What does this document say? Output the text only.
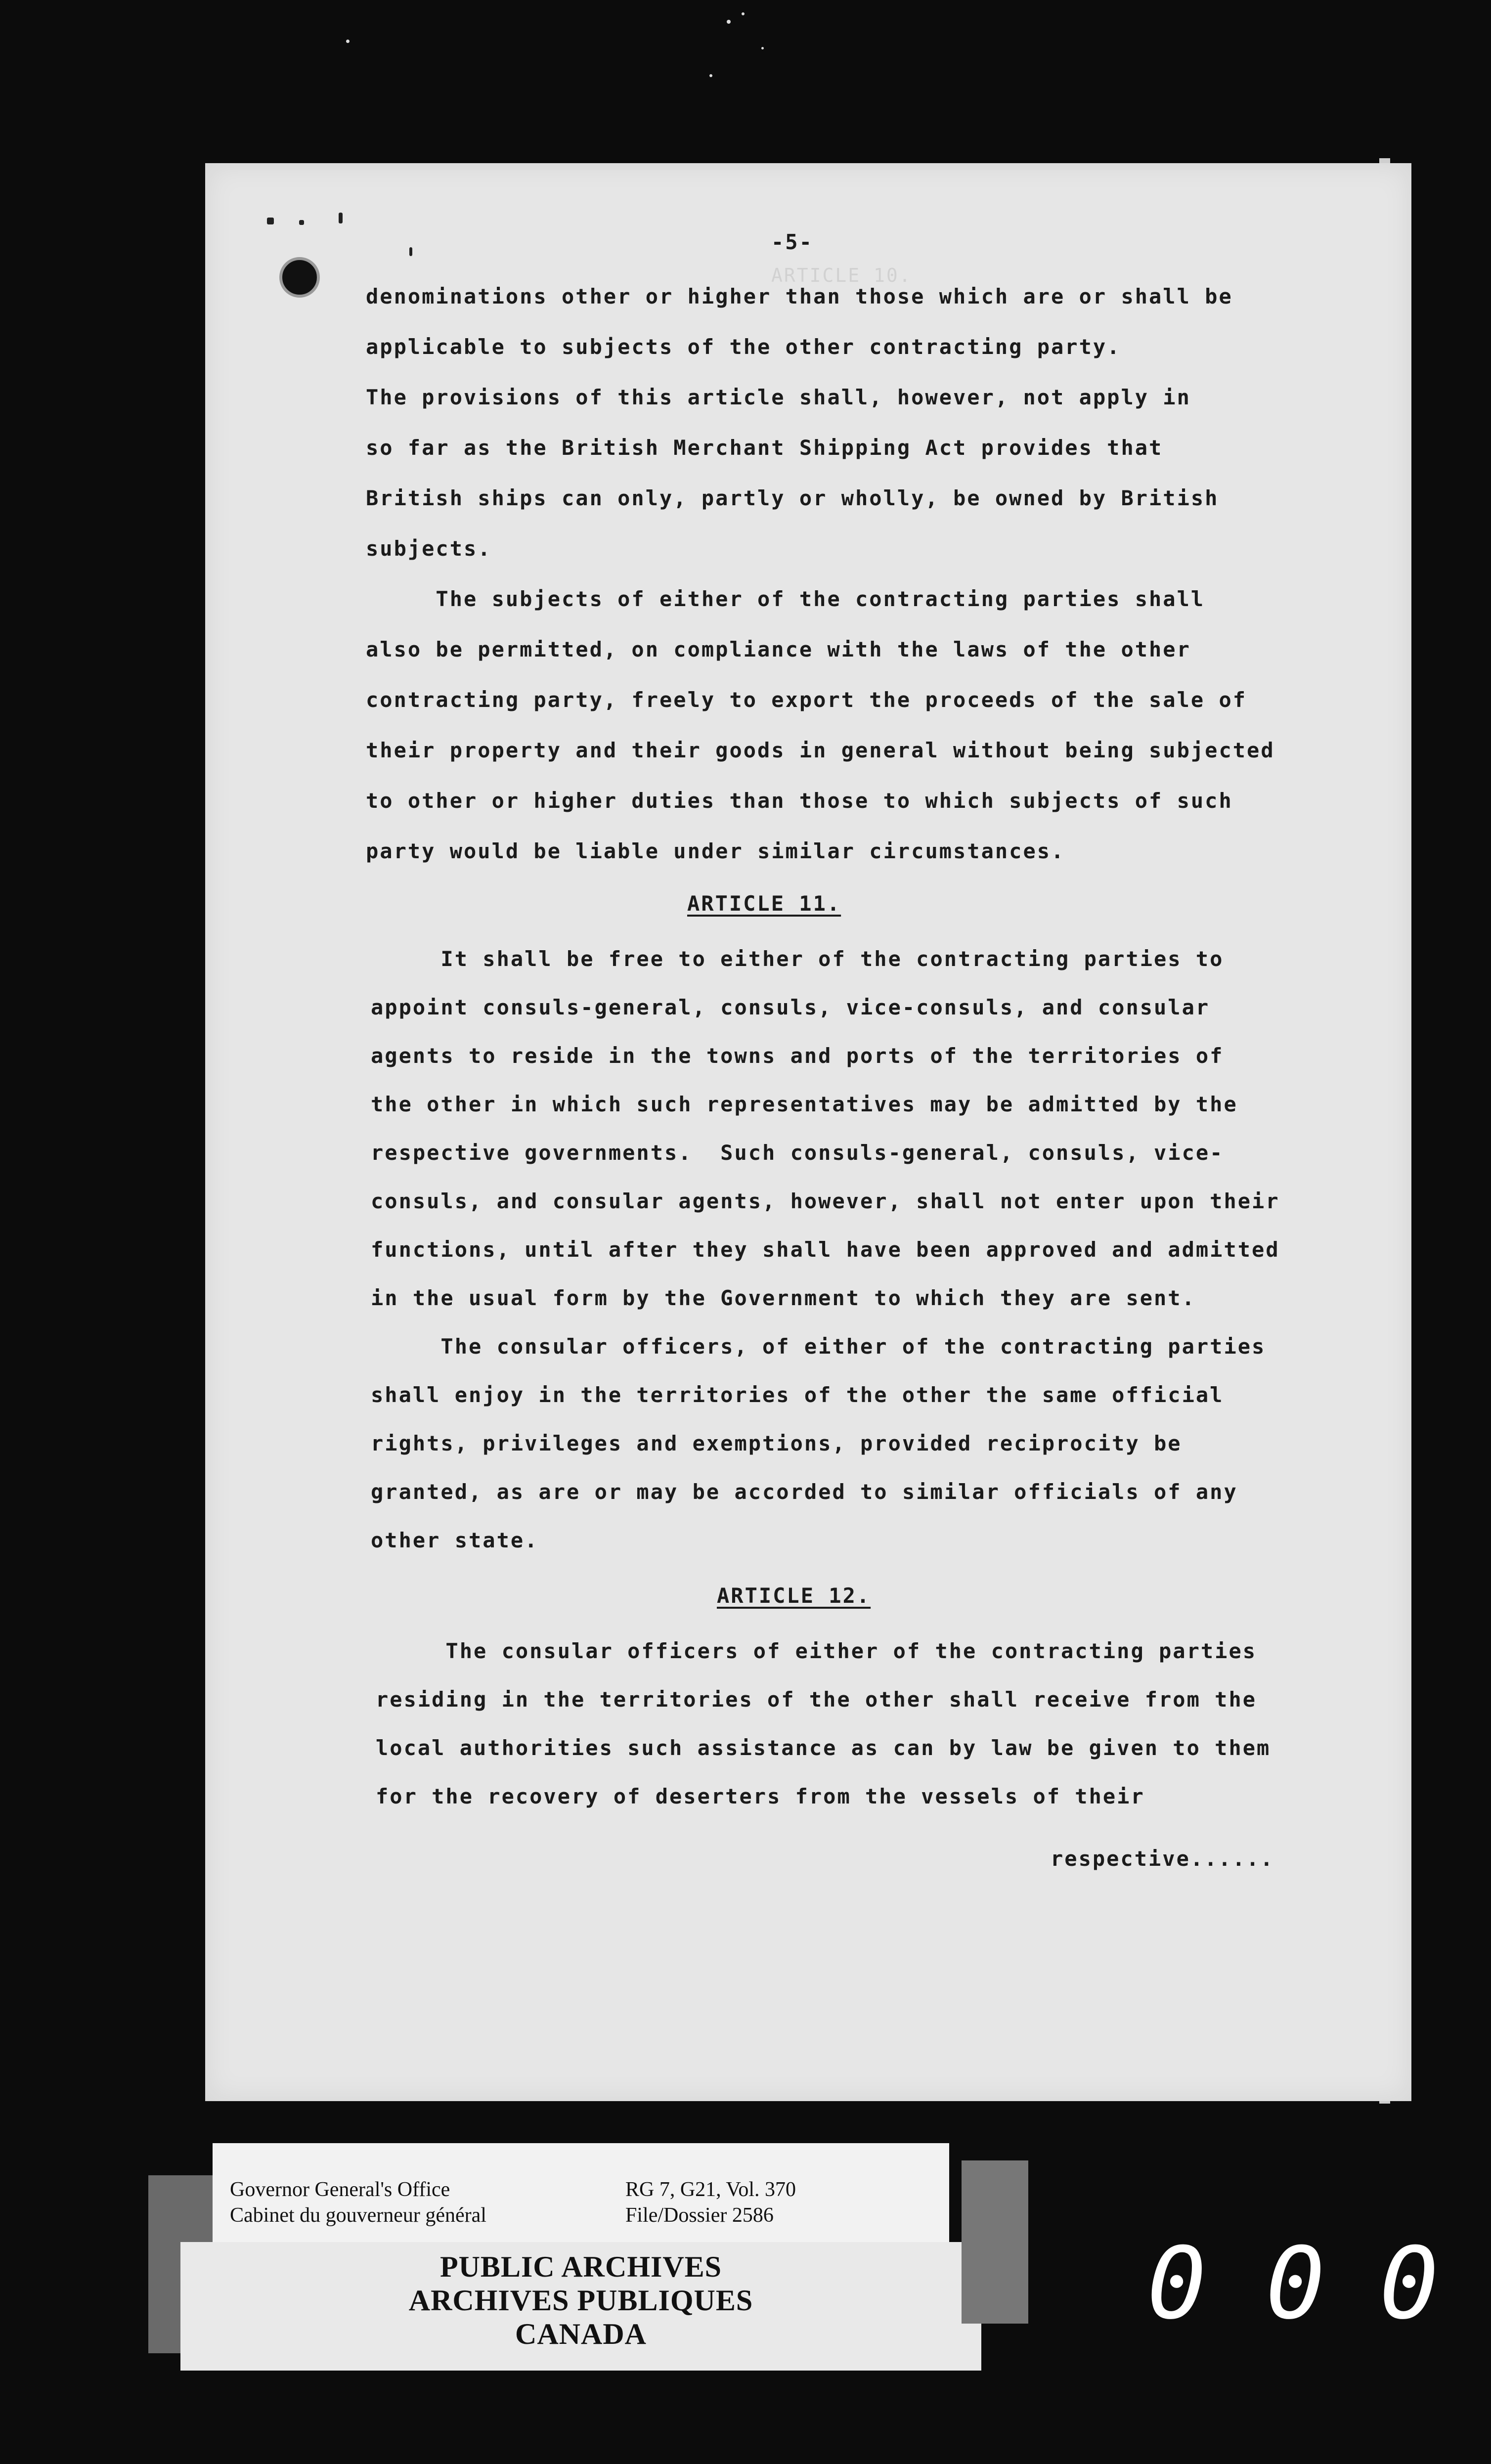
ARTICLE 10.
-5-
denominations other or higher than those which are or shall be
applicable to subjects of the other contracting party.
The provisions of this article shall, however, not apply in
so far as the British Merchant Shipping Act provides that
British ships can only, partly or wholly, be owned by British
subjects.
The subjects of either of the contracting parties shall
also be permitted, on compliance with the laws of the other
contracting party, freely to export the proceeds of the sale of
their property and their goods in general without being subjected
to other or higher duties than those to which subjects of such
party would be liable under similar circumstances.
ARTICLE 11.
It shall be free to either of the contracting parties to
appoint consuls-general, consuls, vice-consuls, and consular
agents to reside in the towns and ports of the territories of
the other in which such representatives may be admitted by the
respective governments.  Such consuls-general, consuls, vice-
consuls, and consular agents, however, shall not enter upon their
functions, until after they shall have been approved and admitted
in the usual form by the Government to which they are sent.
The consular officers, of either of the contracting parties
shall enjoy in the territories of the other the same official
rights, privileges and exemptions, provided reciprocity be
granted, as are or may be accorded to similar officials of any
other state.
ARTICLE 12.
The consular officers of either of the contracting parties
residing in the territories of the other shall receive from the
local authorities such assistance as can by law be given to them
for the recovery of deserters from the vessels of their
respective......
Governor General's Office
Cabinet du gouverneur général
RG 7, G21, Vol. 370
File/Dossier 2586
PUBLIC ARCHIVES
ARCHIVES PUBLIQUES
CANADA	0 0 0
